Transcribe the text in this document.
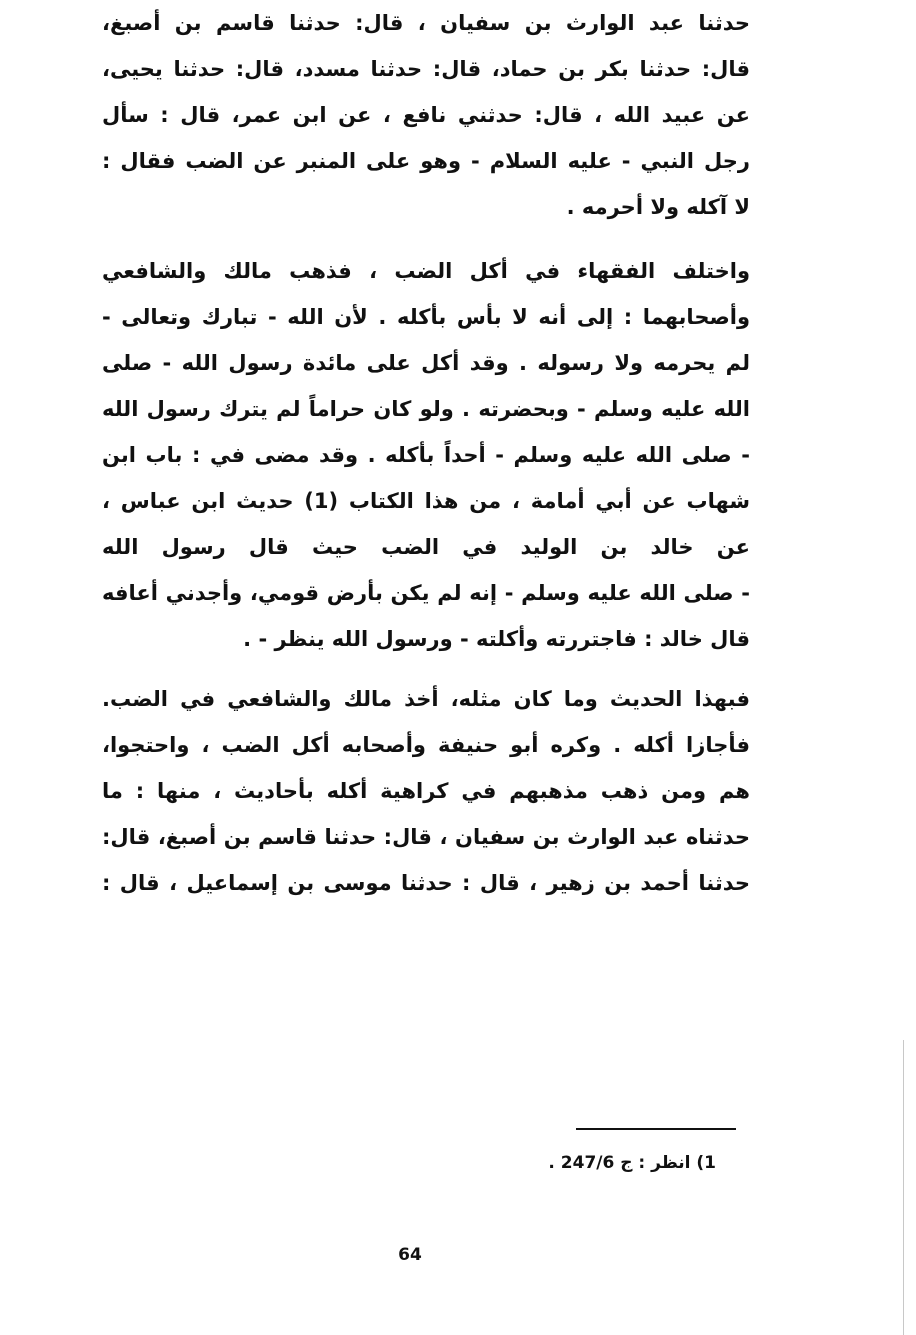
حدثنا عبد الوارث بن سفيان ، قال: حدثنا قاسم بن أصبغ،
قال: حدثنا بكر بن حماد، قال: حدثنا مسدد، قال: حدثنا يحيى،
عن عبيد الله ، قال: حدثني نافع ، عن ابن عمر، قال : سأل
رجل النبي - عليه السلام - وهو على المنبر عن الضب فقال :
لا آكله ولا أحرمه .
واختلف الفقهاء في أكل الضب ، فذهب مالك والشافعي
وأصحابهما : إلى أنه لا بأس بأكله . لأن الله - تبارك وتعالى -
لم يحرمه ولا رسوله . وقد أكل على مائدة رسول الله - صلى
الله عليه وسلم - وبحضرته . ولو كان حراماً لم يترك رسول الله
- صلى الله عليه وسلم - أحداً بأكله . وقد مضى في : باب ابن
شهاب عن أبي أمامة ، من هذا الكتاب (1) حديث ابن عباس ،
عن خالد بن الوليد في الضب حيث قال رسول الله
- صلى الله عليه وسلم - إنه لم يكن بأرض قومي، وأجدني أعافه
قال خالد : فاجتررته وأكلته - ورسول الله ينظر - .
فبهذا الحديث وما كان مثله، أخذ مالك والشافعي في الضب.
فأجازا أكله . وكره أبو حنيفة وأصحابه أكل الضب ، واحتجوا،
هم ومن ذهب مذهبهم في كراهية أكله بأحاديث ، منها : ما
حدثناه عبد الوارث بن سفيان ، قال: حدثنا قاسم بن أصبغ، قال:
حدثنا أحمد بن زهير ، قال : حدثنا موسى بن إسماعيل ، قال :
1) انظر : ج 247/6 .
64
